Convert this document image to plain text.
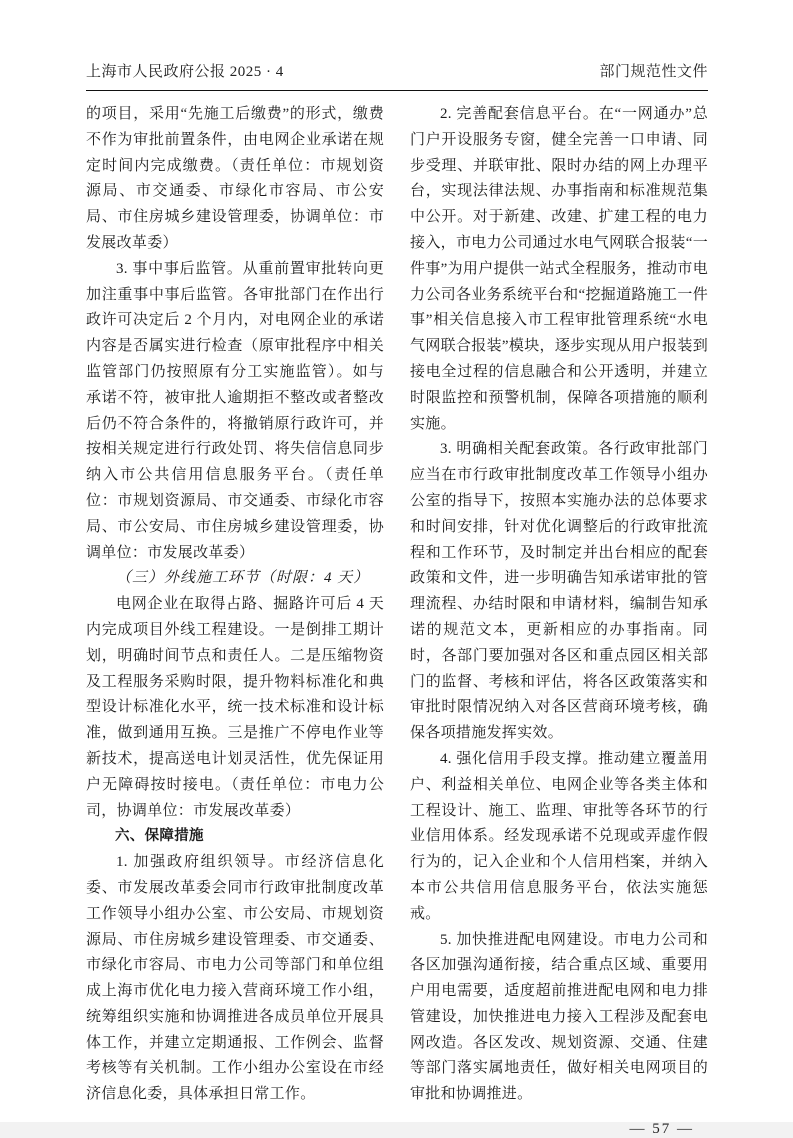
上海市人民政府公报 2025 · 4	部门规范性文件

的项目，采用“先施工后缴费”的形式，缴费不作为审批前置条件，由电网企业承诺在规定时间内完成缴费。（责任单位：市规划资源局、市交通委、市绿化市容局、市公安局、市住房城乡建设管理委，协调单位：市发展改革委）

3. 事中事后监管。从重前置审批转向更加注重事中事后监管。各审批部门在作出行政许可决定后 2 个月内，对电网企业的承诺内容是否属实进行检查（原审批程序中相关监管部门仍按照原有分工实施监管）。如与承诺不符，被审批人逾期拒不整改或者整改后仍不符合条件的，将撤销原行政许可，并按相关规定进行行政处罚、将失信信息同步纳入市公共信用信息服务平台。（责任单位：市规划资源局、市交通委、市绿化市容局、市公安局、市住房城乡建设管理委，协调单位：市发展改革委）

（三）外线施工环节（时限：4 天）

电网企业在取得占路、掘路许可后 4 天内完成项目外线工程建设。一是倒排工期计划，明确时间节点和责任人。二是压缩物资及工程服务采购时限，提升物料标准化和典型设计标准化水平，统一技术标准和设计标准，做到通用互换。三是推广不停电作业等新技术，提高送电计划灵活性，优先保证用户无障碍按时接电。（责任单位：市电力公司，协调单位：市发展改革委）

六、保障措施

1. 加强政府组织领导。市经济信息化委、市发展改革委会同市行政审批制度改革工作领导小组办公室、市公安局、市规划资源局、市住房城乡建设管理委、市交通委、市绿化市容局、市电力公司等部门和单位组成上海市优化电力接入营商环境工作小组，统筹组织实施和协调推进各成员单位开展具体工作，并建立定期通报、工作例会、监督考核等有关机制。工作小组办公室设在市经济信息化委，具体承担日常工作。

2. 完善配套信息平台。在“一网通办”总门户开设服务专窗，健全完善一口申请、同步受理、并联审批、限时办结的网上办理平台，实现法律法规、办事指南和标准规范集中公开。对于新建、改建、扩建工程的电力接入，市电力公司通过水电气网联合报装“一件事”为用户提供一站式全程服务，推动市电力公司各业务系统平台和“挖掘道路施工一件事”相关信息接入市工程审批管理系统“水电气网联合报装”模块，逐步实现从用户报装到接电全过程的信息融合和公开透明，并建立时限监控和预警机制，保障各项措施的顺利实施。

3. 明确相关配套政策。各行政审批部门应当在市行政审批制度改革工作领导小组办公室的指导下，按照本实施办法的总体要求和时间安排，针对优化调整后的行政审批流程和工作环节，及时制定并出台相应的配套政策和文件，进一步明确告知承诺审批的管理流程、办结时限和申请材料，编制告知承诺的规范文本，更新相应的办事指南。同时，各部门要加强对各区和重点园区相关部门的监督、考核和评估，将各区政策落实和审批时限情况纳入对各区营商环境考核，确保各项措施发挥实效。

4. 强化信用手段支撑。推动建立覆盖用户、利益相关单位、电网企业等各类主体和工程设计、施工、监理、审批等各环节的行业信用体系。经发现承诺不兑现或弄虚作假行为的，记入企业和个人信用档案，并纳入本市公共信用信息服务平台，依法实施惩戒。

5. 加快推进配电网建设。市电力公司和各区加强沟通衔接，结合重点区域、重要用户用电需要，适度超前推进配电网和电力排管建设，加快推进电力接入工程涉及配套电网改造。各区发改、规划资源、交通、住建等部门落实属地责任，做好相关电网项目的审批和协调推进。

— 57 —
